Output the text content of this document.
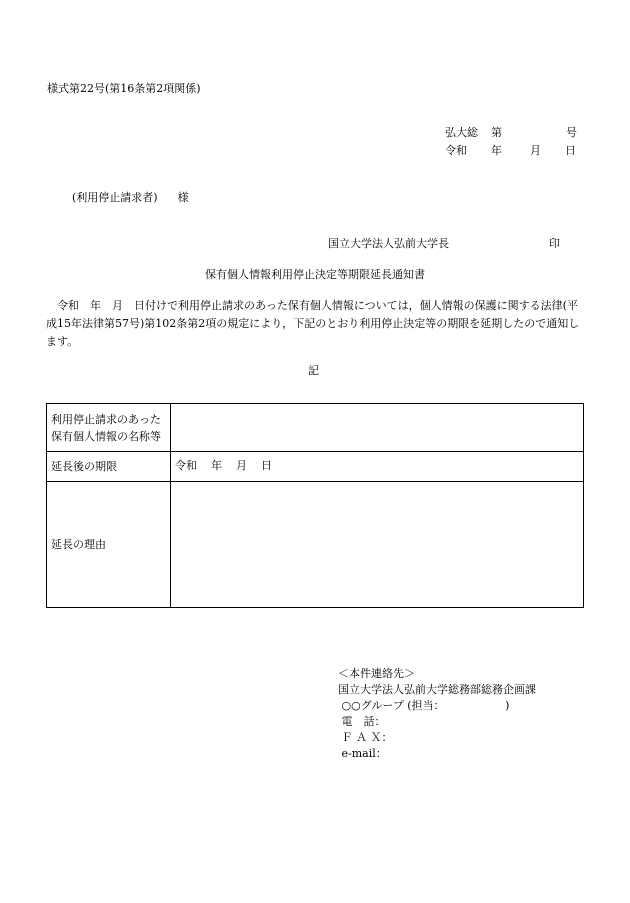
様式第22号(第16条第2項関係)
弘大総	第	号
令和	年	月	日
(利用停止請求者) 様
国立大学法人弘前大学長	印
保有個人情報利用停止決定等期限延長通知書
　令和　年　月　日付けで利用停止請求のあった保有個人情報については，個人情報の保護に関する法律(平成15年法律第57号)第102条第2項の規定により，下記のとおり利用停止決定等の期限を延期したので通知します。
記
利用停止請求のあった
保有個人情報の名称等	

延長後の期限	令和 年 月 日
延長の理由	
＜本件連絡先＞
国立大学法人弘前大学総務部総務企画課
○○グループ (担当：　　　　　　)
電　話：
Ｆ Ａ Ｘ：
e-mail：
